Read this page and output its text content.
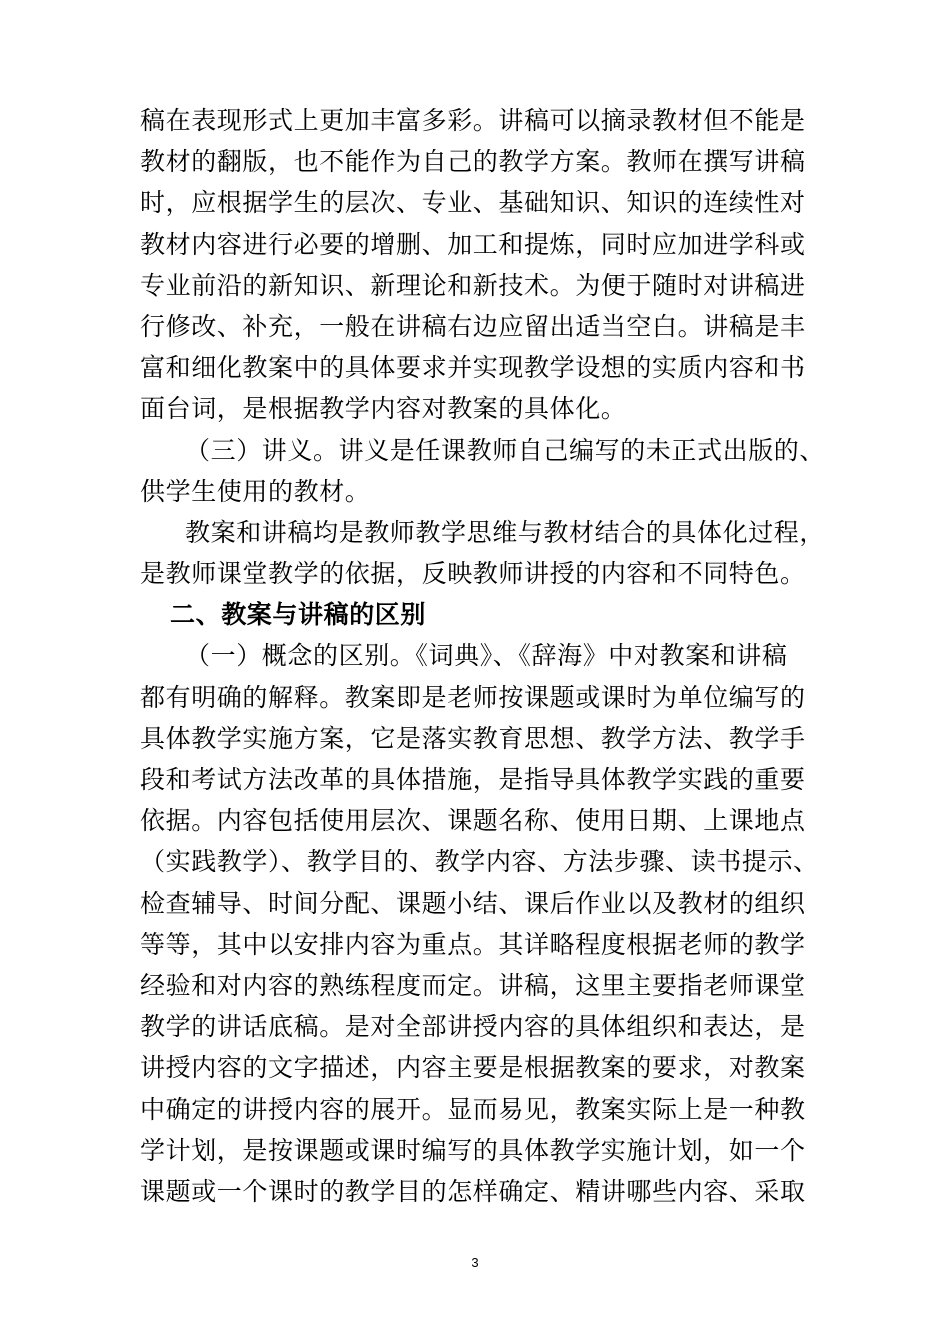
稿在表现形式上更加丰富多彩。讲稿可以摘录教材但不能是
教材的翻版，也不能作为自己的教学方案。教师在撰写讲稿
时，应根据学生的层次、专业、基础知识、知识的连续性对
教材内容进行必要的增删、加工和提炼，同时应加进学科或
专业前沿的新知识、新理论和新技术。为便于随时对讲稿进
行修改、补充，一般在讲稿右边应留出适当空白。讲稿是丰
富和细化教案中的具体要求并实现教学设想的实质内容和书
面台词，是根据教学内容对教案的具体化。
（三）讲义。讲义是任课教师自己编写的未正式出版的、
供学生使用的教材。
教案和讲稿均是教师教学思维与教材结合的具体化过程，
是教师课堂教学的依据，反映教师讲授的内容和不同特色。
二、教案与讲稿的区别
（一）概念的区别。《词典》、《辞海》中对教案和讲稿
都有明确的解释。教案即是老师按课题或课时为单位编写的
具体教学实施方案，它是落实教育思想、教学方法、教学手
段和考试方法改革的具体措施，是指导具体教学实践的重要
依据。内容包括使用层次、课题名称、使用日期、上课地点
（实践教学）、教学目的、教学内容、方法步骤、读书提示、
检查辅导、时间分配、课题小结、课后作业以及教材的组织
等等，其中以安排内容为重点。其详略程度根据老师的教学
经验和对内容的熟练程度而定。讲稿，这里主要指老师课堂
教学的讲话底稿。是对全部讲授内容的具体组织和表达，是
讲授内容的文字描述，内容主要是根据教案的要求，对教案
中确定的讲授内容的展开。显而易见，教案实际上是一种教
学计划，是按课题或课时编写的具体教学实施计划，如一个
课题或一个课时的教学目的怎样确定、精讲哪些内容、采取
3
